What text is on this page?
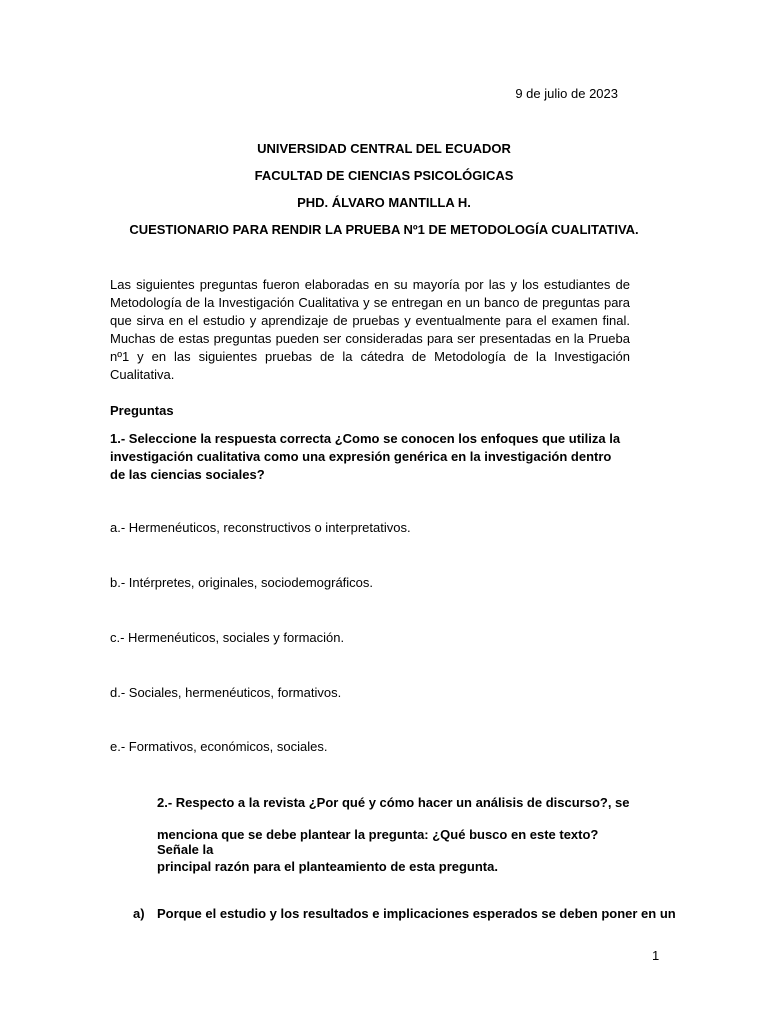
9 de julio de 2023
UNIVERSIDAD CENTRAL DEL ECUADOR
FACULTAD DE CIENCIAS PSICOLÓGICAS
PHD. ÁLVARO MANTILLA H.
CUESTIONARIO PARA RENDIR LA PRUEBA Nº1 DE METODOLOGÍA CUALITATIVA.

Las siguientes preguntas fueron elaboradas en su mayoría por las y los estudiantes de Metodología de la Investigación Cualitativa y se entregan en un banco de preguntas para que sirva en el estudio y aprendizaje de pruebas y eventualmente para el examen final. Muchas de estas preguntas pueden ser consideradas para ser presentadas en la Prueba nº1 y en las siguientes pruebas de la cátedra de Metodología de la Investigación Cualitativa.

Preguntas

1.- Seleccione la respuesta correcta ¿Como se conocen los enfoques que utiliza la investigación cualitativa como una expresión genérica en la investigación dentro de las ciencias sociales?

a.- Hermenéuticos, reconstructivos o interpretativos.
b.- Intérpretes, originales, sociodemográficos.
c.- Hermenéuticos, sociales y formación.
d.- Sociales, hermenéuticos, formativos.
e.- Formativos, económicos, sociales.
2.- Respecto a la revista ¿Por qué y cómo hacer un análisis de discurso?, se
menciona que se debe plantear la pregunta: ¿Qué busco en este texto? Señale la
principal razón para el planteamiento de esta pregunta.
a) Porque el estudio y los resultados e implicaciones esperados se deben poner en un
1
